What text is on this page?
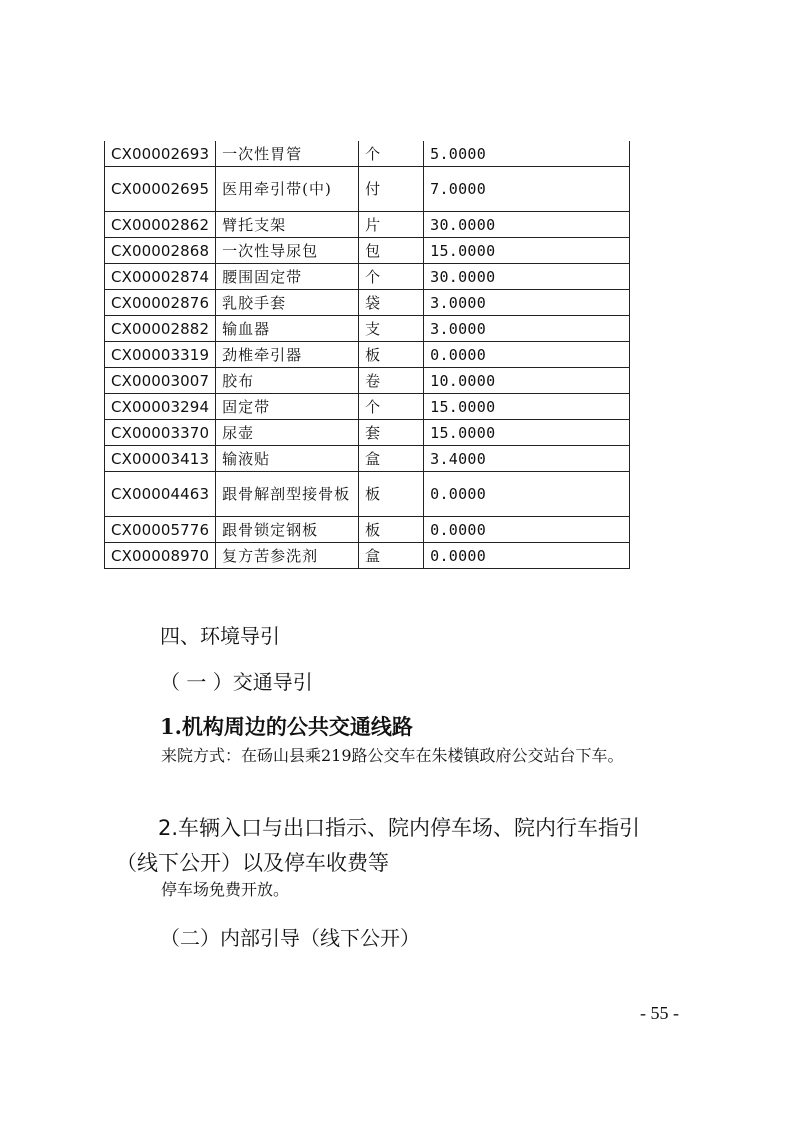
CX00002693	一次性胃管	个	5.0000
CX00002695	医用牵引带(中)	付	7.0000
CX00002862	臂托支架	片	30.0000
CX00002868	一次性导尿包	包	15.0000
CX00002874	腰围固定带	个	30.0000
CX00002876	乳胶手套	袋	3.0000
CX00002882	输血器	支	3.0000
CX00003319	劲椎牵引器	板	0.0000
CX00003007	胶布	卷	10.0000
CX00003294	固定带	个	15.0000
CX00003370	尿壶	套	15.0000
CX00003413	输液贴	盒	3.4000
CX00004463	跟骨解剖型接骨板	板	0.0000
CX00005776	跟骨锁定钢板	板	0.0000
CX00008970	复方苦参洗剂	盒	0.0000
四、环境导引
（ 一 ）交通导引
1.机构周边的公共交通线路
来院方式：在砀山县乘219路公交车在朱楼镇政府公交站台下车。
2.车辆入口与出口指示、院内停车场、院内行车指引（线下公开）以及停车收费等
停车场免费开放。
（二）内部引导（线下公开）
- 55 -
